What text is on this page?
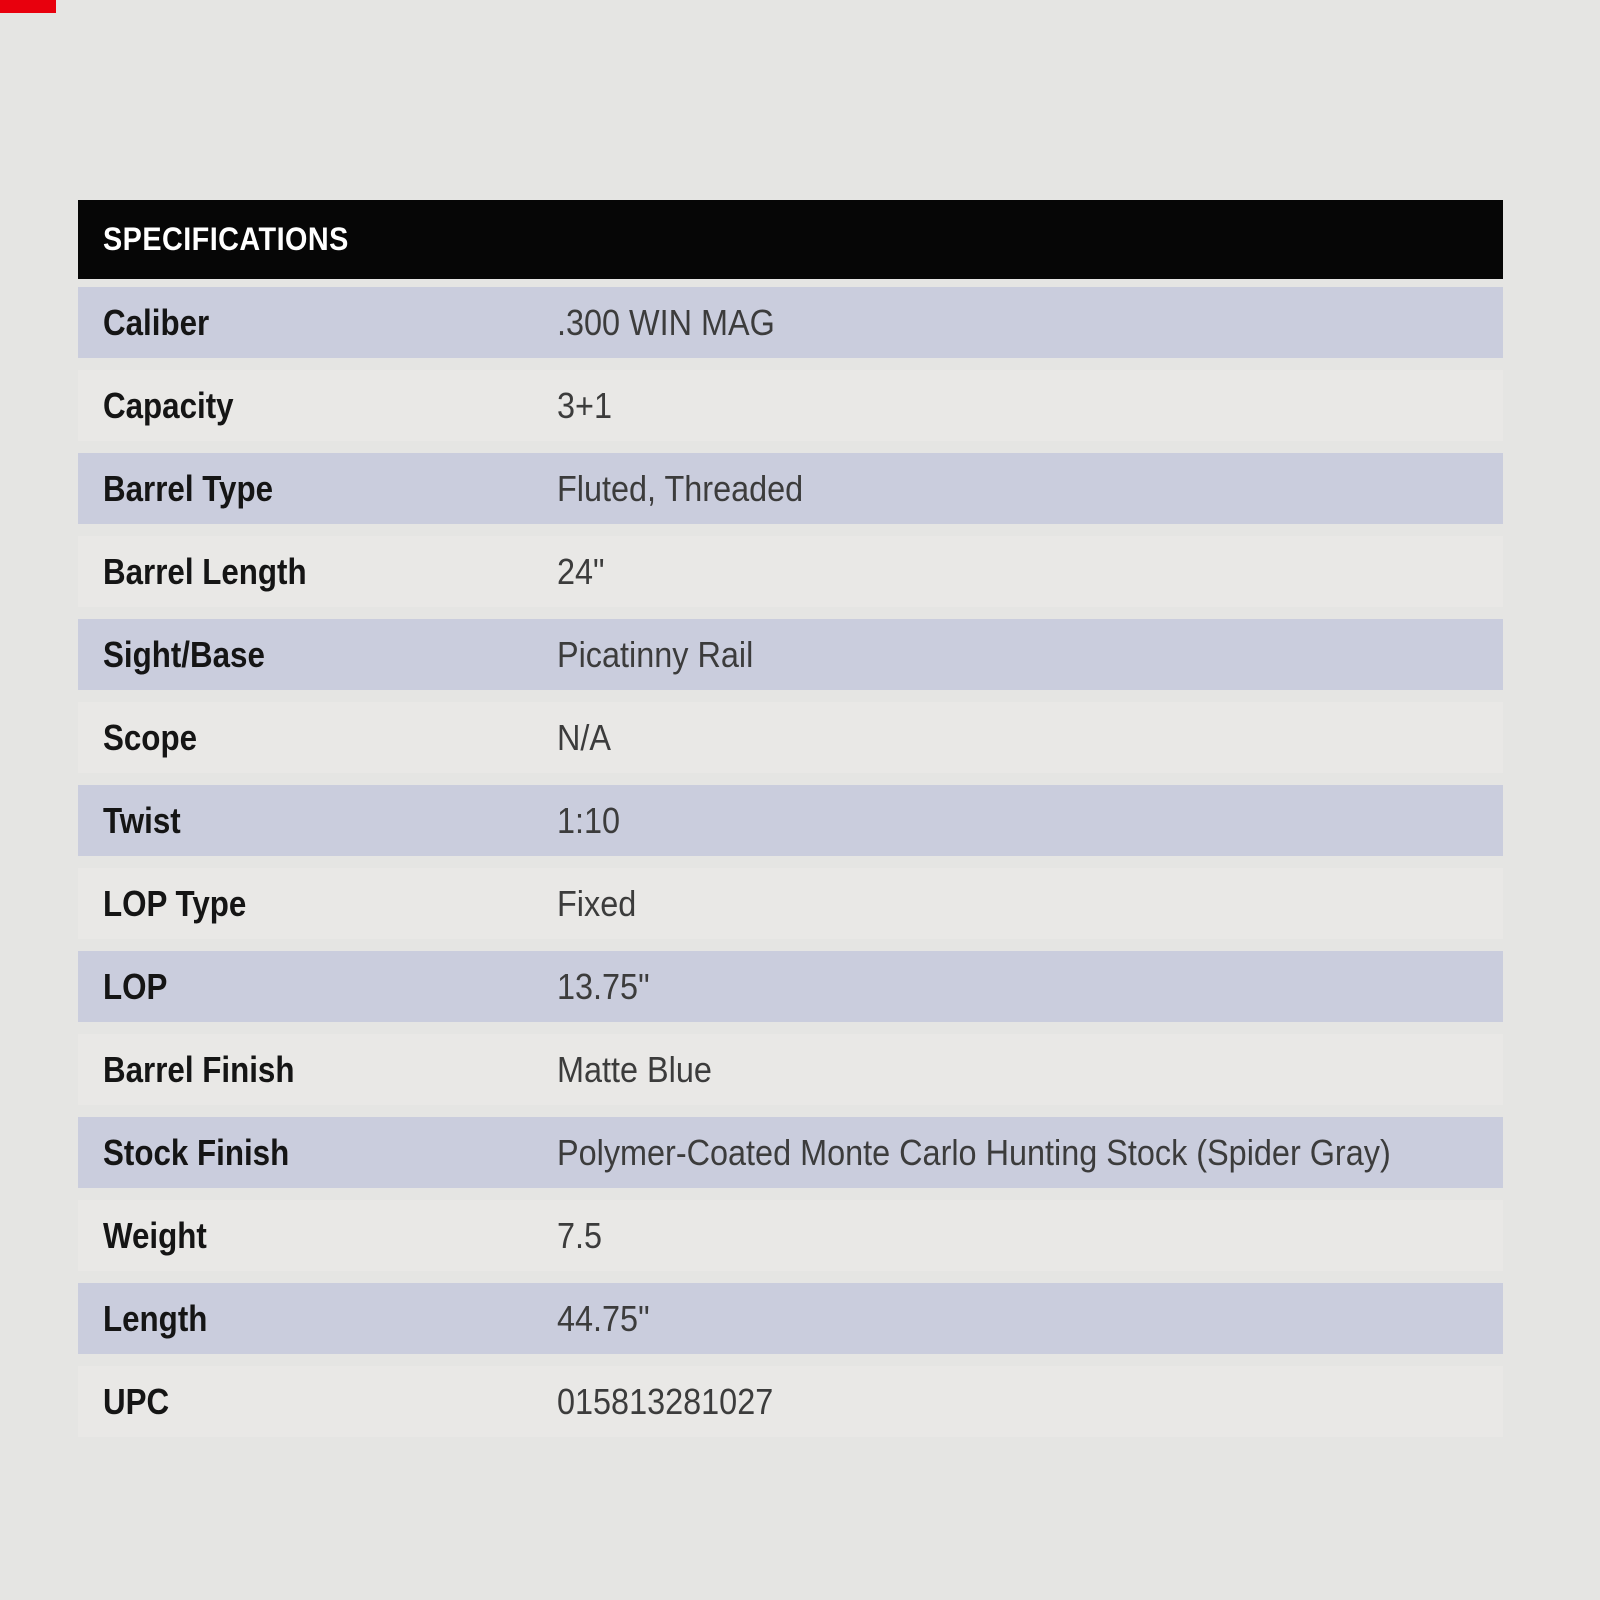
SPECIFICATIONS
Caliber	.300 WIN MAG
Capacity	3+1
Barrel Type	Fluted, Threaded
Barrel Length	24"
Sight/Base	Picatinny Rail
Scope	N/A
Twist	1:10
LOP Type	Fixed
LOP	13.75"
Barrel Finish	Matte Blue
Stock Finish	Polymer-Coated Monte Carlo Hunting Stock (Spider Gray)
Weight	7.5
Length	44.75"
UPC	015813281027
